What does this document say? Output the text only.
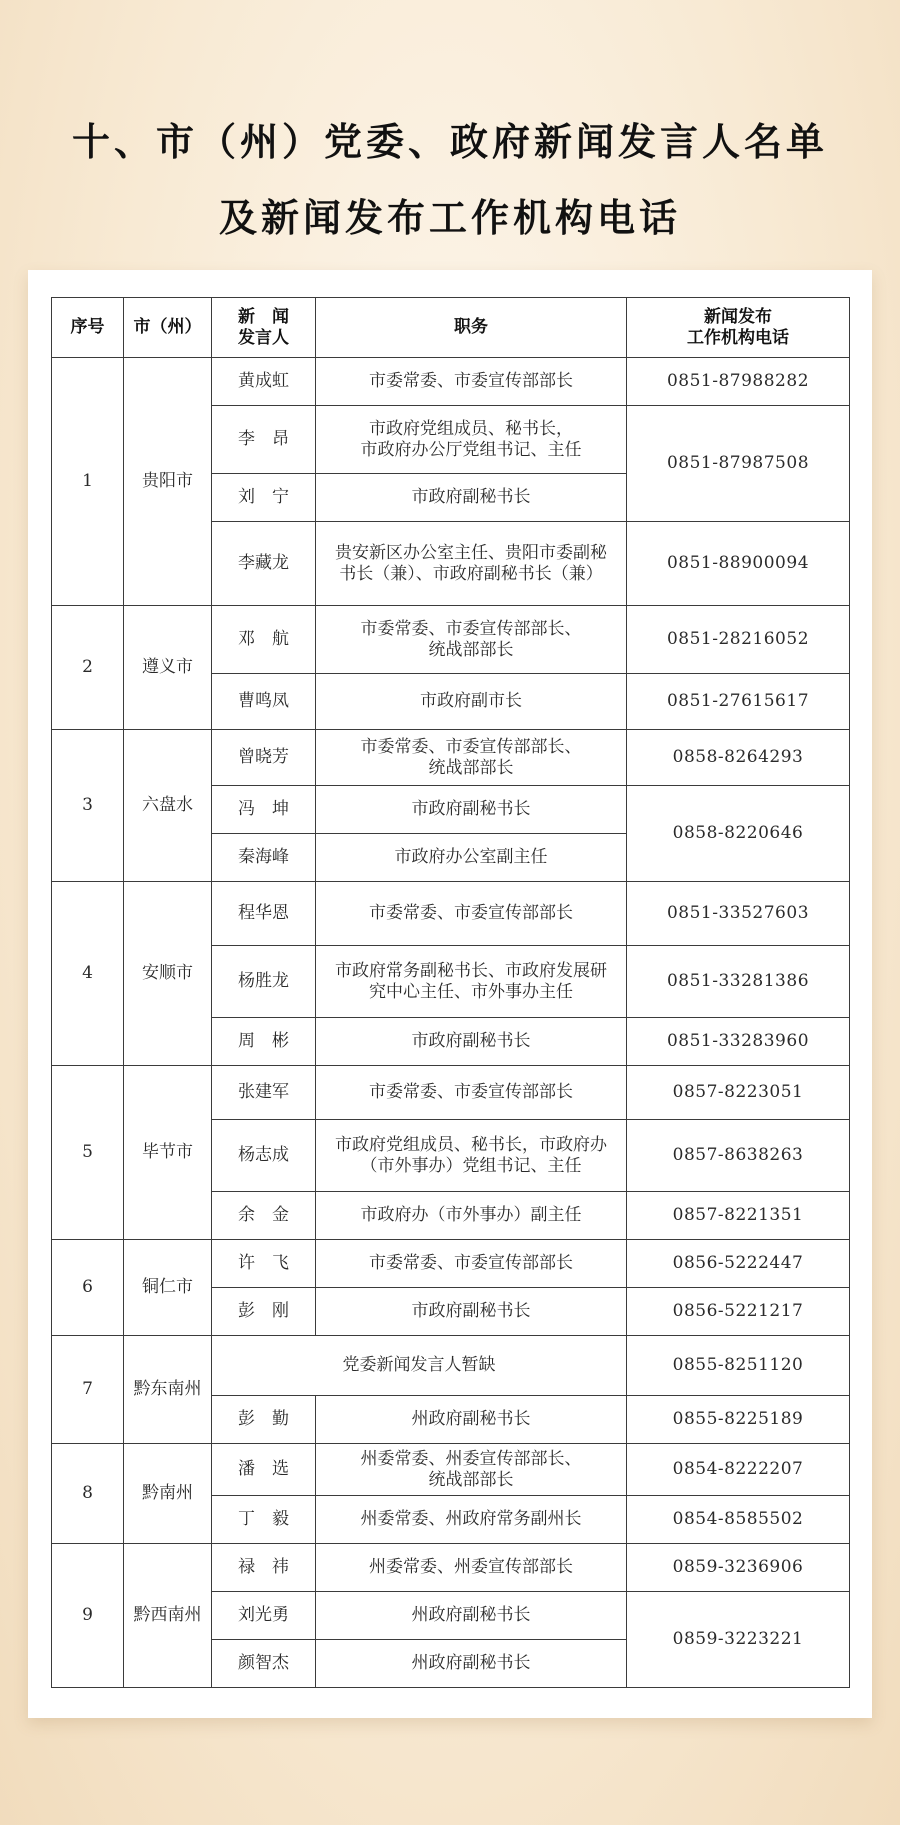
十、市（州）党委、政府新闻发言人名单
及新闻发布工作机构电话
序号	市（州）	新　闻
发言人	职务	新闻发布
工作机构电话
1	贵阳市	黄成虹	市委常委、市委宣传部部长	0851-87988282
		李　昂	市政府党组成员、秘书长，
市政府办公厅党组书记、主任	0851-87987508
		刘　宁	市政府副秘书长	
		李藏龙	贵安新区办公室主任、贵阳市委副秘
书长（兼）、市政府副秘书长（兼）	0851-88900094
2	遵义市	邓　航	市委常委、市委宣传部部长、
统战部部长	0851-28216052
		曹鸣凤	市政府副市长	0851-27615617
3	六盘水	曾晓芳	市委常委、市委宣传部部长、
统战部部长	0858-8264293
		冯　坤	市政府副秘书长	0858-8220646
		秦海峰	市政府办公室副主任	
4	安顺市	程华恩	市委常委、市委宣传部部长	0851-33527603
		杨胜龙	市政府常务副秘书长、市政府发展研
究中心主任、市外事办主任	0851-33281386
		周　彬	市政府副秘书长	0851-33283960
5	毕节市	张建军	市委常委、市委宣传部部长	0857-8223051
		杨志成	市政府党组成员、秘书长，市政府办
（市外事办）党组书记、主任	0857-8638263
		余　金	市政府办（市外事办）副主任	0857-8221351
6	铜仁市	许　飞	市委常委、市委宣传部部长	0856-5222447
		彭　刚	市政府副秘书长	0856-5221217
7	黔东南州	党委新闻发言人暂缺		0855-8251120
		彭　勤	州政府副秘书长	0855-8225189
8	黔南州	潘　选	州委常委、州委宣传部部长、
统战部部长	0854-8222207
		丁　毅	州委常委、州政府常务副州长	0854-8585502
9	黔西南州	禄　祎	州委常委、州委宣传部部长	0859-3236906
		刘光勇	州政府副秘书长	0859-3223221
		颜智杰	州政府副秘书长	
